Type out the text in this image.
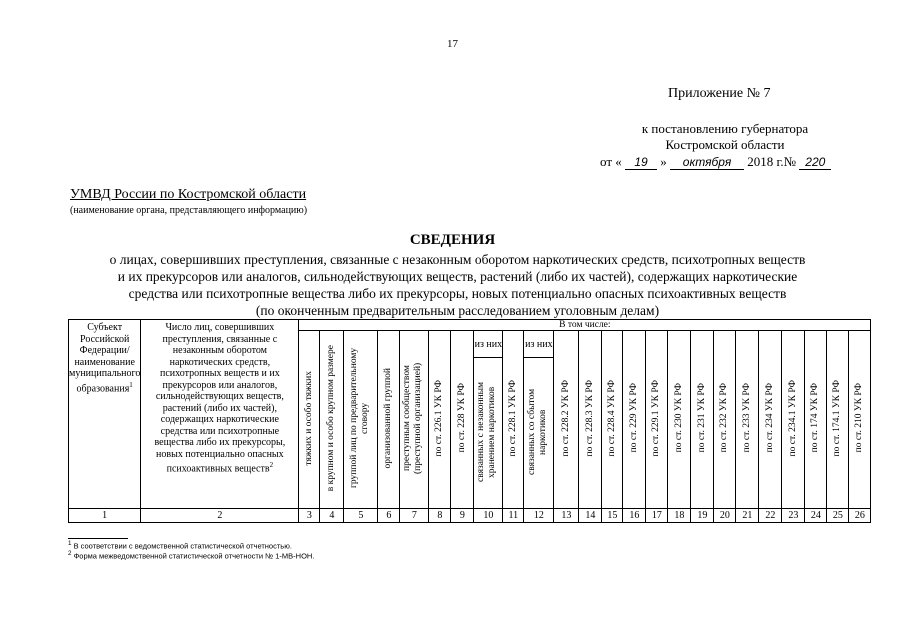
17
Приложение № 7
к постановлению губернатора
Костромской области
от « 19 » октября 2018 г.№ 220
УМВД России по Костромской области
(наименование органа, представляющего информацию)
СВЕДЕНИЯ
о лицах, совершивших преступления, связанные с незаконным оборотом наркотических средств, психотропных веществ
и их прекурсоров или аналогов, сильнодействующих веществ, растений (либо их частей), содержащих наркотические
средства или психотропные вещества либо их прекурсоры, новых потенциально опасных психоактивных веществ
(по оконченным предварительным расследованием уголовным делам)
Субъект Российской Федерации/ наименование муниципального образования$^1$	Число лиц, совершивших преступления, связанные с незаконным оборотом наркотических средств, психотропных веществ и их прекурсоров или аналогов, сильнодействующих веществ, растений (либо их частей), содержащих наркотические средства или психотропные вещества либо их прекурсоры, новых потенциально опасных психоактивных веществ$^2$	В том числе:																							
		тяжких и особо тяжких	в крупном и особо крупном размере	группой лиц по предварительному сговору	организованной группой	преступным сообществом (преступной организацией)	по ст. 226.1 УК РФ	по ст. 228 УК РФ	из них	по ст. 228.1 УК РФ	из них	по ст. 228.2 УК РФ	по ст. 228.3 УК РФ	по ст. 228.4 УК РФ	по ст. 229 УК РФ	по ст. 229.1 УК РФ	по ст. 230 УК РФ	по ст. 231 УК РФ	по ст. 232 УК РФ	по ст. 233 УК РФ	по ст. 234 УК РФ	по ст. 234.1 УК РФ	по ст. 174 УК РФ	по ст. 174.1 УК РФ	по ст. 210 УК РФ
									связанных с незаконным хранением наркотиков		связанных со сбытом наркотиков														
1	2	3	4	5	6	7	8	9	10	11	12	13	14	15	16	17	18	19	20	21	22	23	24	25	26
$^1$ В соответствии с ведомственной статистической отчетностью.
$^2$ Форма межведомственной статистической отчетности № 1-МВ-НОН.
